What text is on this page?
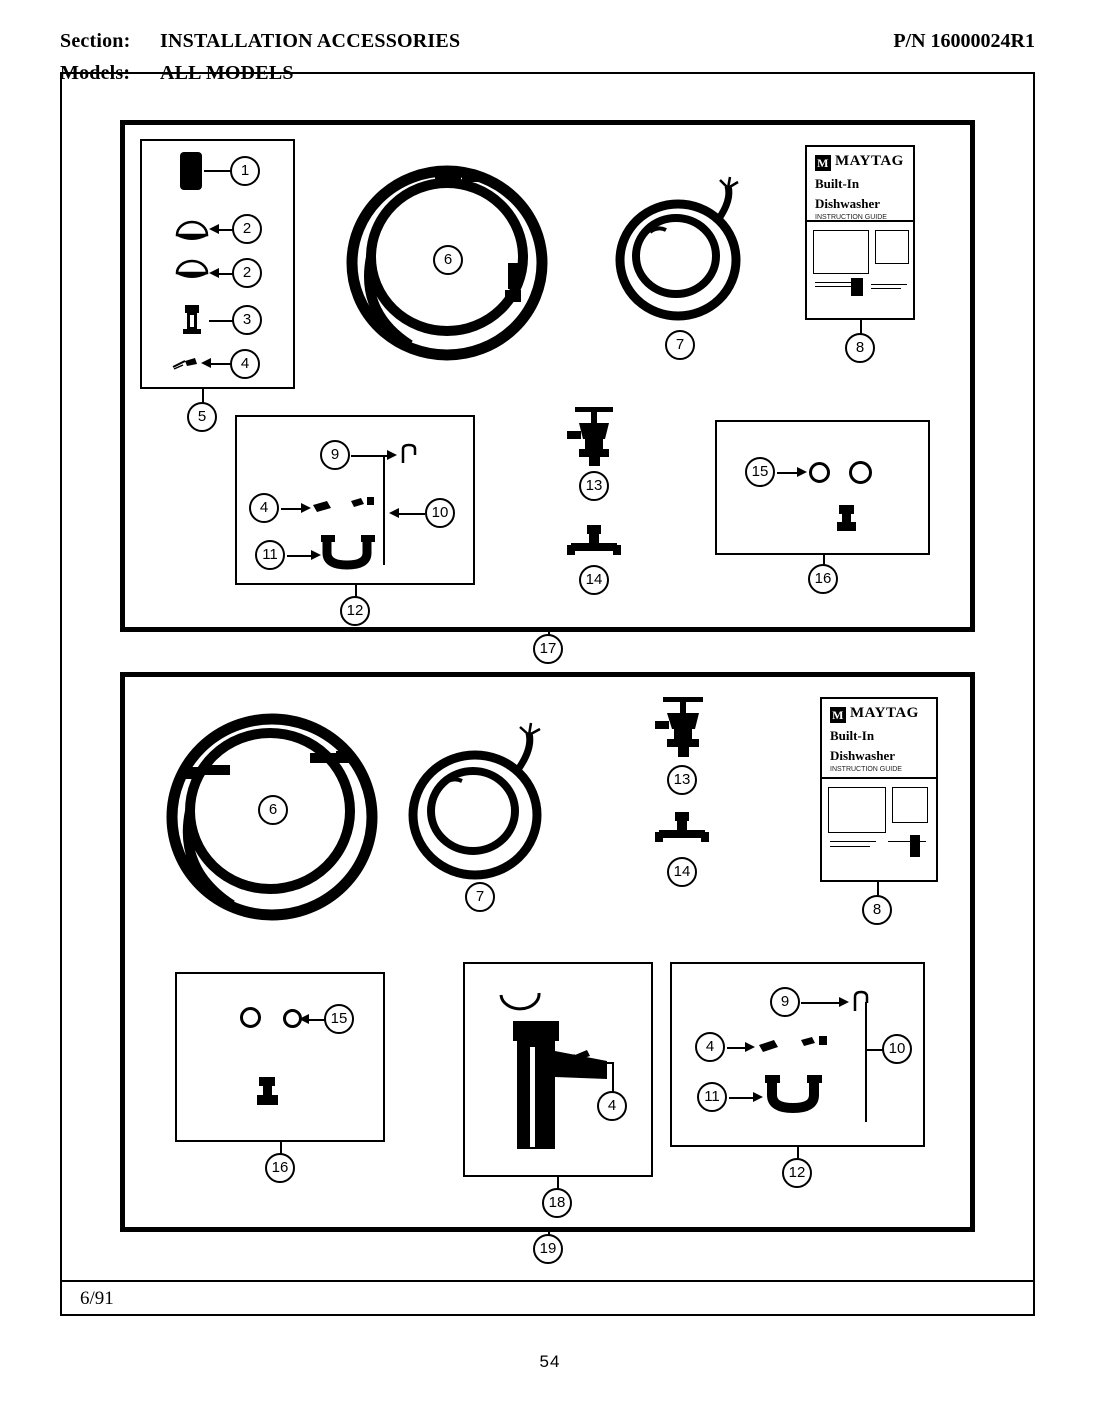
Section: INSTALLATION ACCESSORIES
Models: ALL MODELS
P/N 16000024R1
6/91
54
1
2
2
3
4
5
6
7
M MAYTAG
Built-In
Dishwasher
INSTRUCTION GUIDE
8
9
4	10
11
12
13
14
15
16
17
6
7
13
14
M MAYTAG
Built-In
Dishwasher
INSTRUCTION GUIDE
8
15
16
4
18
9
4	10
11
12
19
